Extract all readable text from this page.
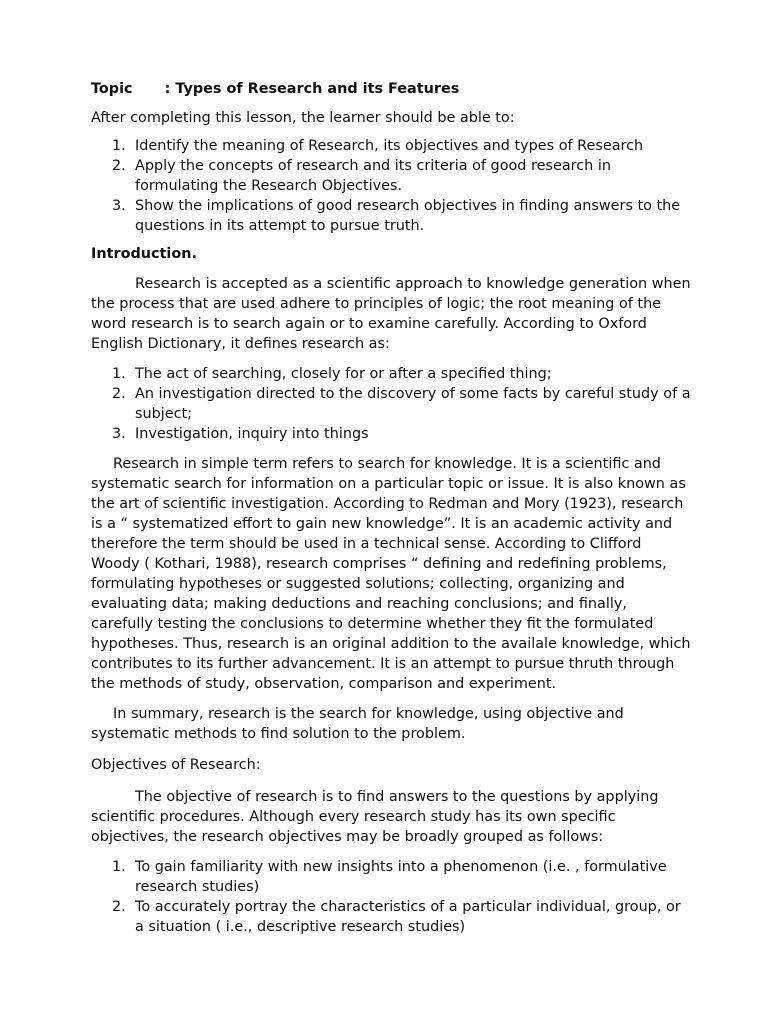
Topic : Types of Research and its Features

After completing this lesson, the learner should be able to:

1. Identify the meaning of Research, its objectives and types of Research
2. Apply the concepts of research and its criteria of good research in formulating the Research Objectives.
3. Show the implications of good research objectives in finding answers to the questions in its attempt to pursue truth.

Introduction.

Research is accepted as a scientific approach to knowledge generation when the process that are used adhere to principles of logic; the root meaning of the word research is to search again or to examine carefully. According to Oxford English Dictionary, it defines research as:

1. The act of searching, closely for or after a specified thing;
2. An investigation directed to the discovery of some facts by careful study of a subject;
3. Investigation, inquiry into things

Research in simple term refers to search for knowledge. It is a scientific and systematic search for information on a particular topic or issue. It is also known as the art of scientific investigation. According to Redman and Mory (1923), research is a “ systematized effort to gain new knowledge”. It is an academic activity and therefore the term should be used in a technical sense. According to Clifford Woody ( Kothari, 1988), research comprises “ defining and redefining problems, formulating hypotheses or suggested solutions; collecting, organizing and evaluating data; making deductions and reaching conclusions; and finally, carefully testing the conclusions to determine whether they fit the formulated hypotheses. Thus, research is an original addition to the availale knowledge, which contributes to its further advancement. It is an attempt to pursue thruth through the methods of study, observation, comparison and experiment.

In summary, research is the search for knowledge, using objective and systematic methods to find solution to the problem.

Objectives of Research:

The objective of research is to find answers to the questions by applying scientific procedures. Although every research study has its own specific objectives, the research objectives may be broadly grouped as follows:

1. To gain familiarity with new insights into a phenomenon (i.e. , formulative research studies)
2. To accurately portray the characteristics of a particular individual, group, or a situation ( i.e., descriptive research studies)
